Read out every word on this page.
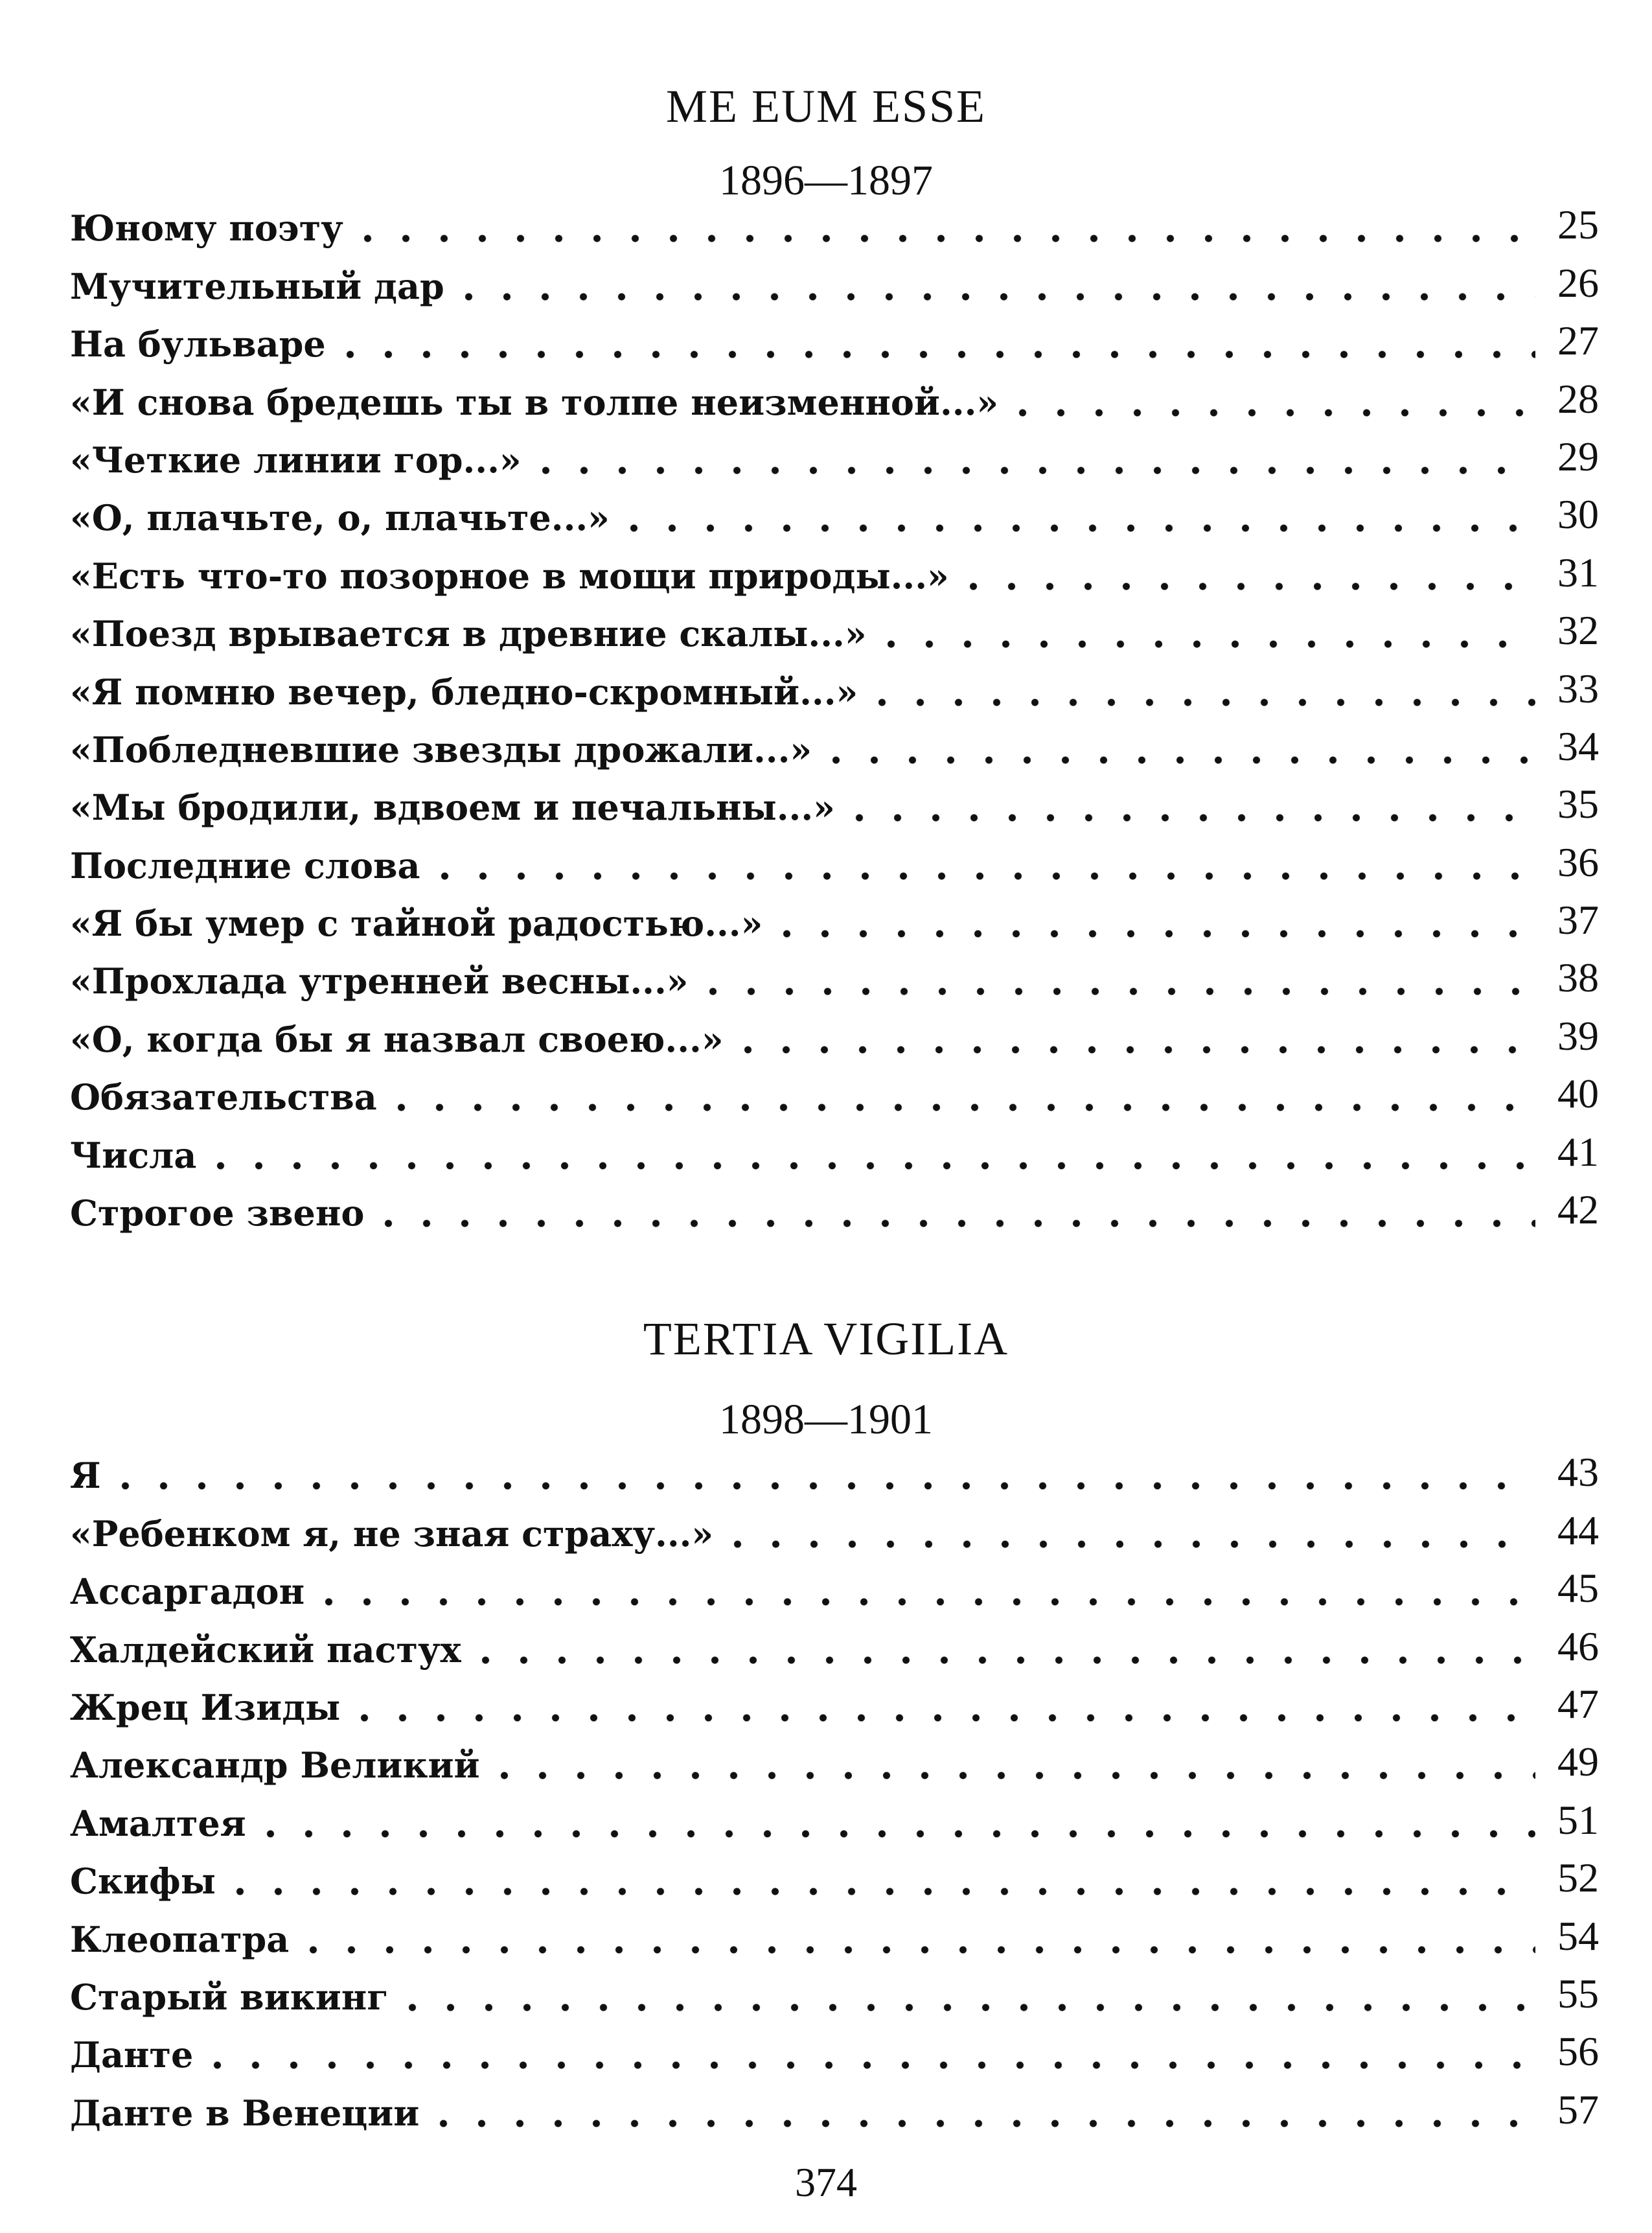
ME EUM ESSE
1896—1897
Юному поэту	25
Мучительный дар	26
На бульваре	27
«И снова бредешь ты в толпе неизменной...»	28
«Четкие линии гор...»	29
«О, плачьте, о, плачьте...»	30
«Есть что-то позорное в мощи природы...»	31
«Поезд врывается в древние скалы...»	32
«Я помню вечер, бледно-скромный...»	33
«Побледневшие звезды дрожали...»	34
«Мы бродили, вдвоем и печальны...»	35
Последние слова	36
«Я бы умер с тайной радостью...»	37
«Прохлада утренней весны...»	38
«О, когда бы я назвал своею...»	39
Обязательства	40
Числа	41
Строгое звено	42
TERTIA VIGILIA
1898—1901
Я	43
«Ребенком я, не зная страху...»	44
Ассаргадон	45
Халдейский пастух	46
Жрец Изиды	47
Александр Великий	49
Амалтея	51
Скифы	52
Клеопатра	54
Старый викинг	55
Данте	56
Данте в Венеции	57
374
